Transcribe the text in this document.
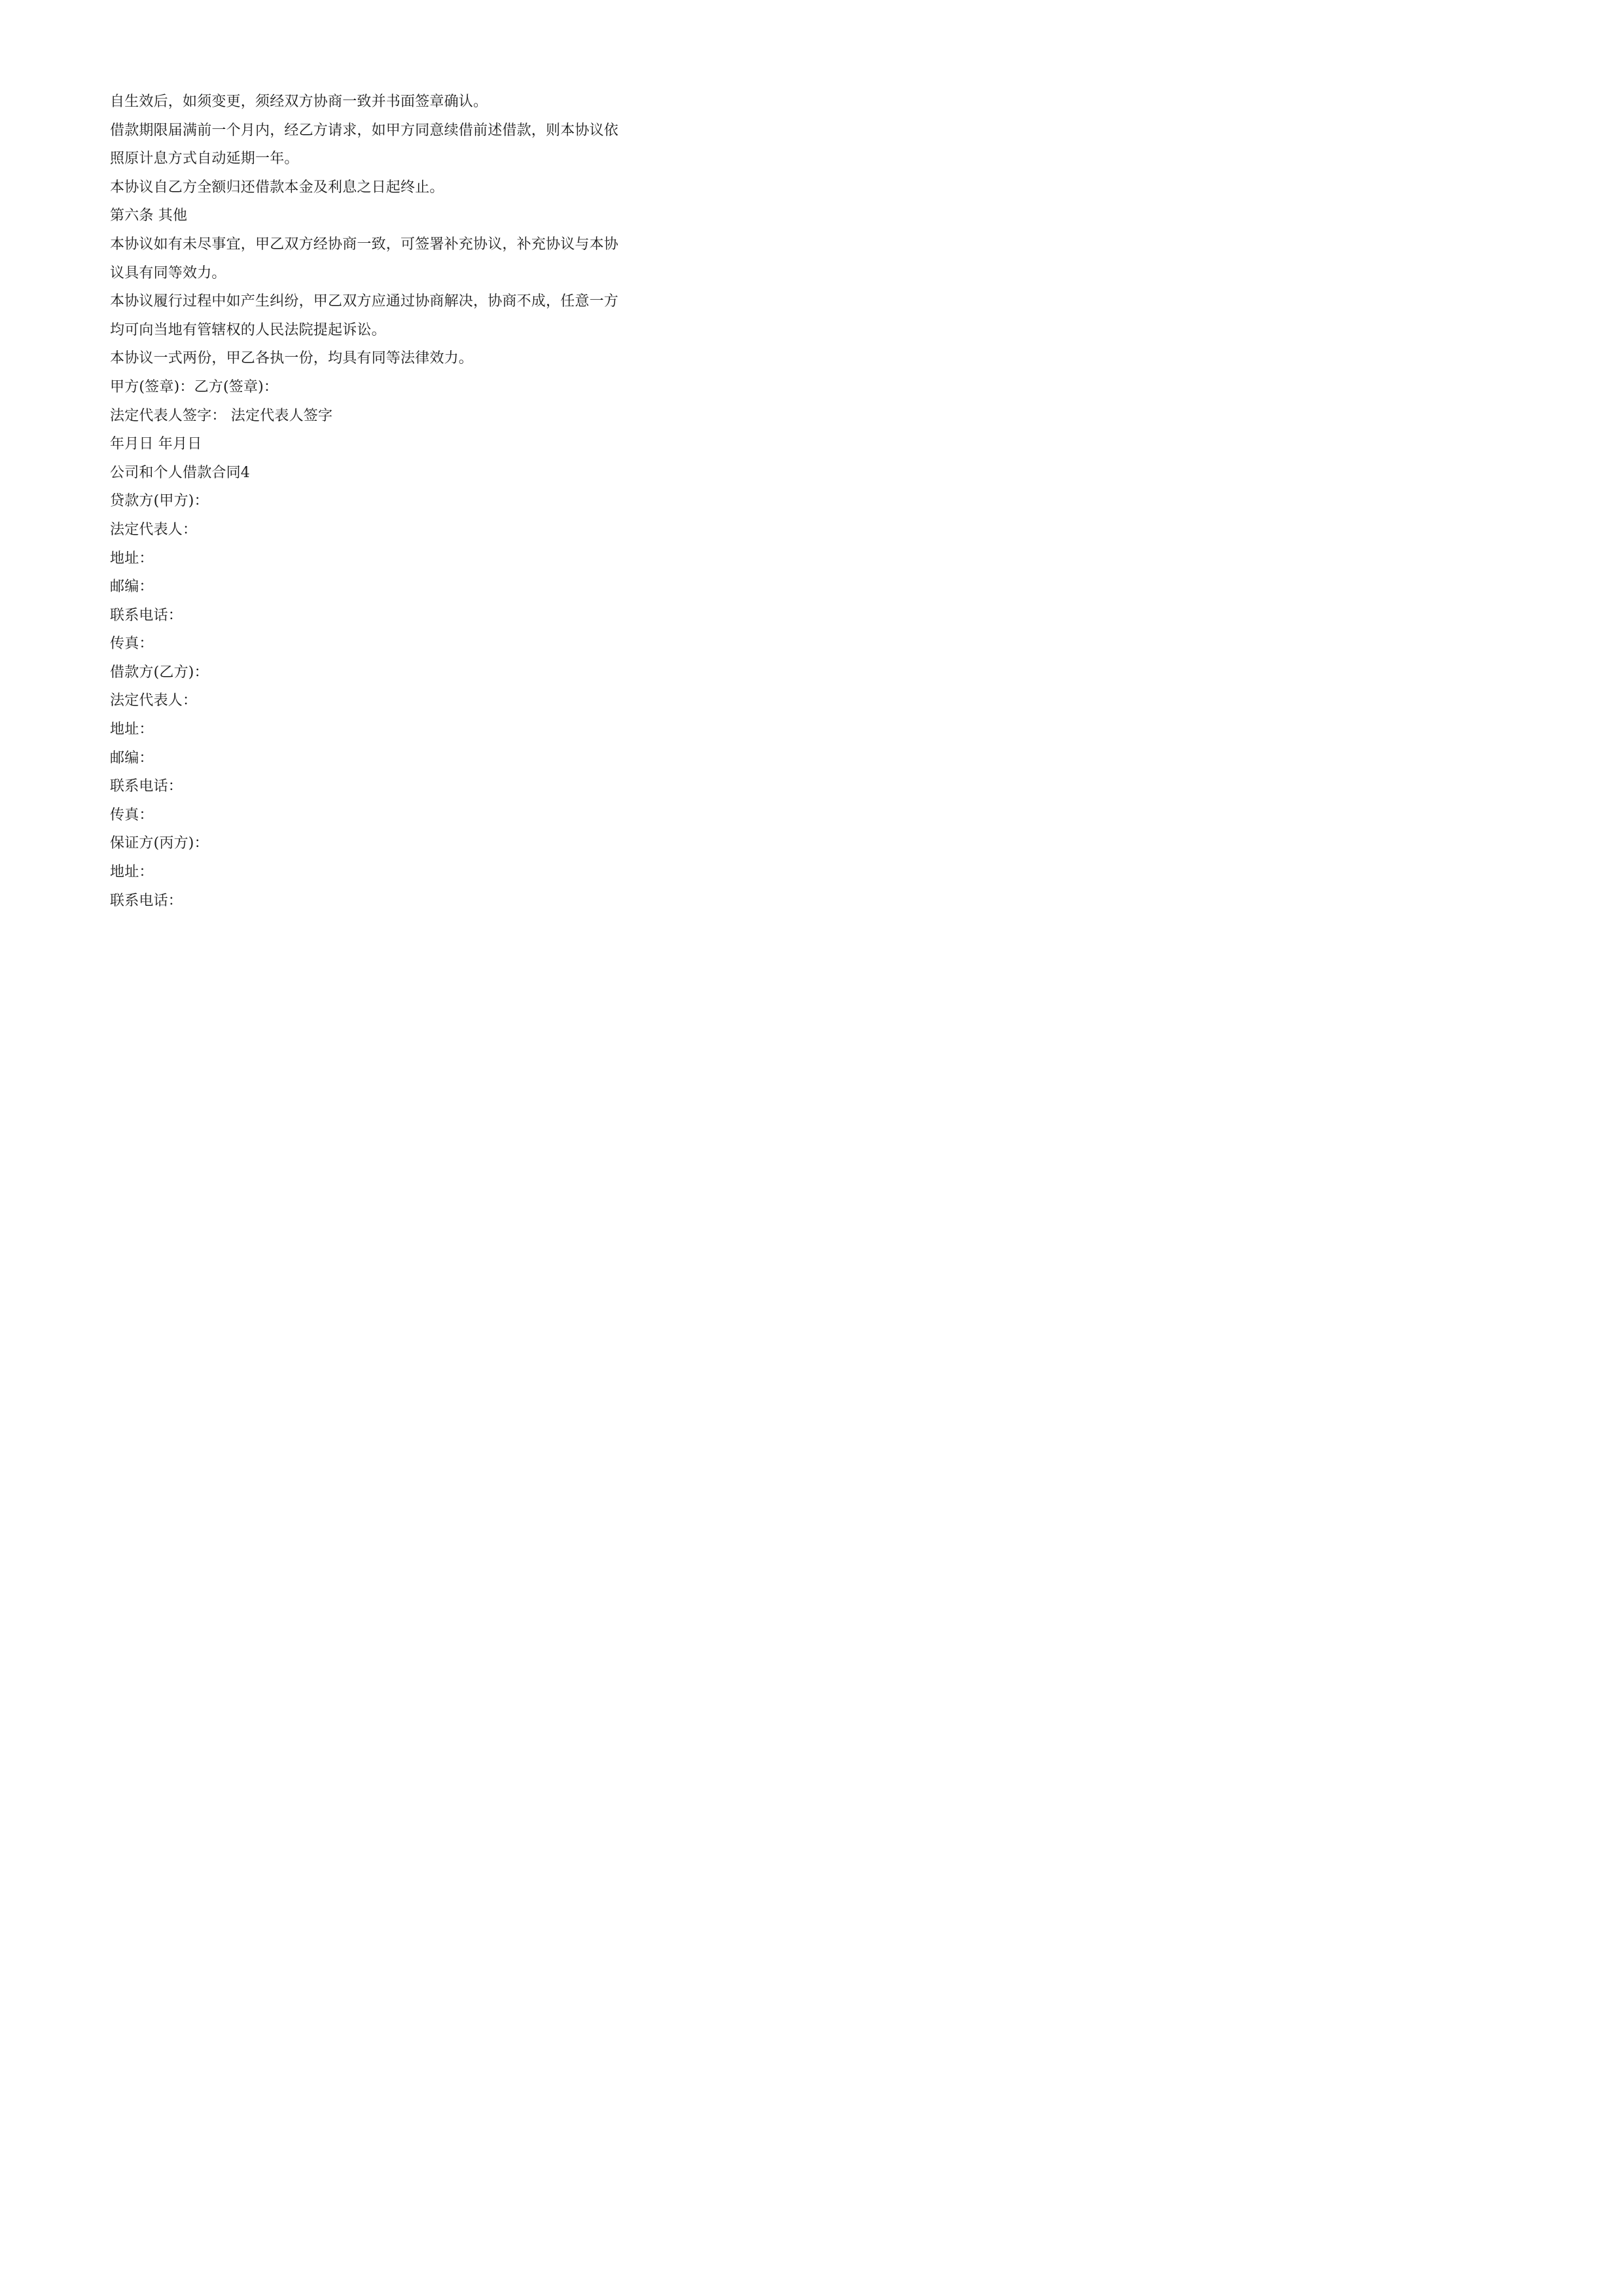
自生效后，如须变更，须经双方协商一致并书面签章确认。
借款期限届满前一个月内，经乙方请求，如甲方同意续借前述借款，则本协议依
照原计息方式自动延期一年。
本协议自乙方全额归还借款本金及利息之日起终止。
第六条 其他
本协议如有未尽事宜，甲乙双方经协商一致，可签署补充协议，补充协议与本协
议具有同等效力。
本协议履行过程中如产生纠纷，甲乙双方应通过协商解决，协商不成，任意一方
均可向当地有管辖权的人民法院提起诉讼。
本协议一式两份，甲乙各执一份，均具有同等法律效力。
甲方(签章)：乙方(签章)：
法定代表人签字： 法定代表人签字
年月日 年月日
公司和个人借款合同4
贷款方(甲方)：
法定代表人：
地址：
邮编：
联系电话：
传真：
借款方(乙方)：
法定代表人：
地址：
邮编：
联系电话：
传真：
保证方(丙方)：
地址：
联系电话：
